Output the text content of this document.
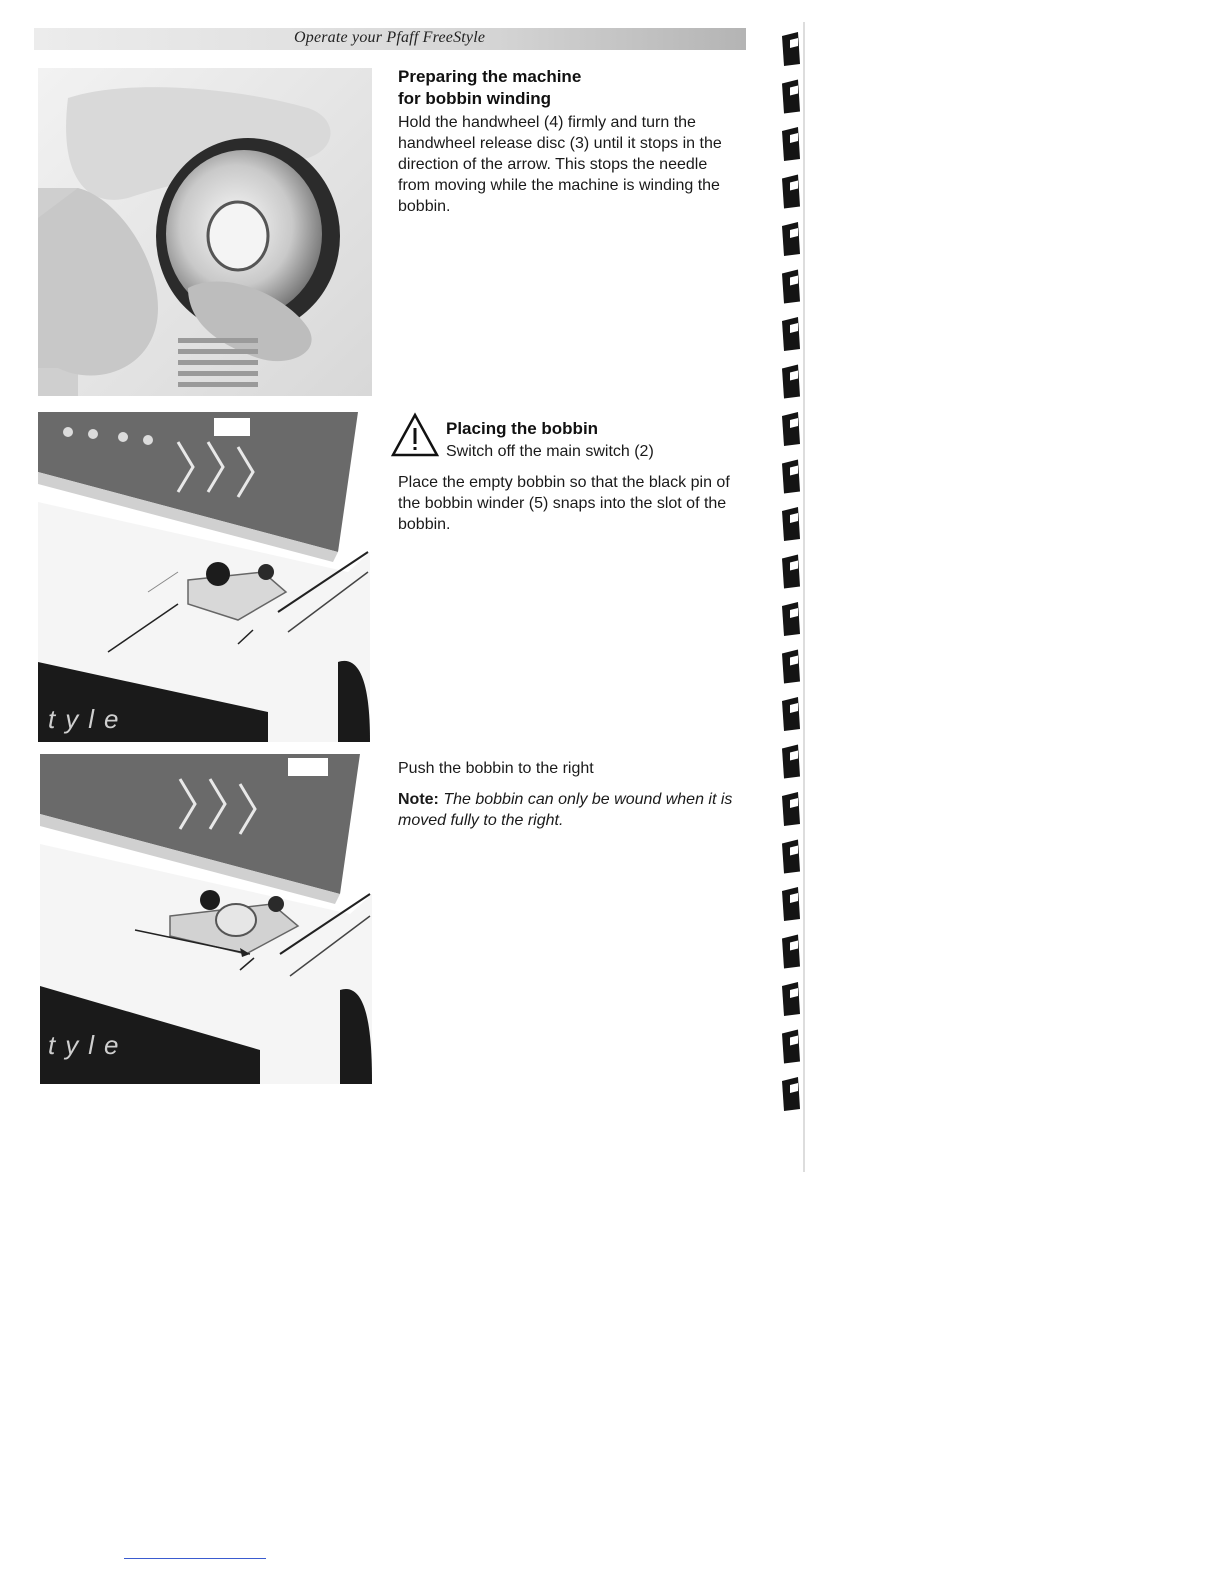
Operate your Pfaff FreeStyle
tyle
tyle
Preparing the machine
for bobbin winding

Hold the handwheel (4) firmly and turn the handwheel release disc (3) until it stops in the direction of the arrow. This stops the needle from moving while the machine is winding the bobbin.

Placing the bobbin

Switch off the main switch (2)

Place the empty bobbin so that the black pin of the bobbin winder (5) snaps into the slot of the bobbin.

Push the bobbin to the right

Note: The bobbin can only be wound when it is moved fully to the right.
